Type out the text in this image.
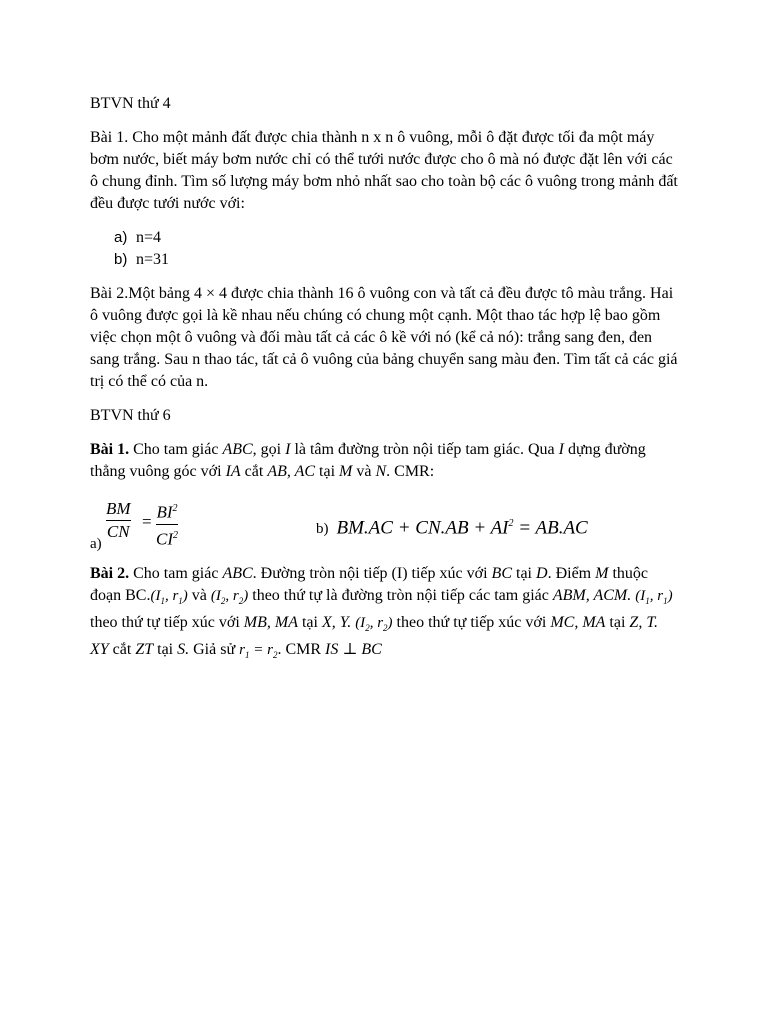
BTVN thứ 4

Bài 1. Cho một mảnh đất được chia thành n x n ô vuông, mỗi ô đặt được tối đa một máy bơm nước, biết máy bơm nước chỉ có thể tưới nước được cho ô mà nó được đặt lên với các ô chung đỉnh. Tìm số lượng máy bơm nhỏ nhất sao cho toàn bộ các ô vuông trong mảnh đất đều được tưới nước với:

a) n=4
b) n=31

Bài 2.Một bảng 4 × 4 được chia thành 16 ô vuông con và tất cả đều được tô màu trắng. Hai ô vuông được gọi là kề nhau nếu chúng có chung một cạnh. Một thao tác hợp lệ bao gồm việc chọn một ô vuông và đối màu tất cả các ô kề với nó (kể cả nó): trắng sang đen, đen sang trắng. Sau n thao tác, tất cả ô vuông của bảng chuyển sang màu đen. Tìm tất cả các giá trị có thể có của n.

BTVN thứ 6

Bài 1. Cho tam giác ABC, gọi I là tâm đường tròn nội tiếp tam giác. Qua I dựng đường thẳng vuông góc với IA cắt AB, AC tại M và N. CMR:

a)
BM
CN
= $BI^2$
$CI^2$	b) $BM.AC + CN.AB + AI^2 = AB.AC$

Bài 2. Cho tam giác ABC. Đường tròn nội tiếp (I) tiếp xúc với BC tại D. Điểm M thuộc đoạn $BC.(I_1$, $r_1$) và ($I_2$, $r_2$) theo thứ tự là đường tròn nội tiếp các tam giác ABM, ACM. ($I_1$, $r_1$) theo thứ tự tiếp xúc với MB, MA tại X, Y. ($I_2$, $r_2$) theo thứ tự tiếp xúc với MC, MA tại Z, T. XY cắt ZT tại S. Giả sử $r_1 = r_2$. CMR IS ⊥ BC
